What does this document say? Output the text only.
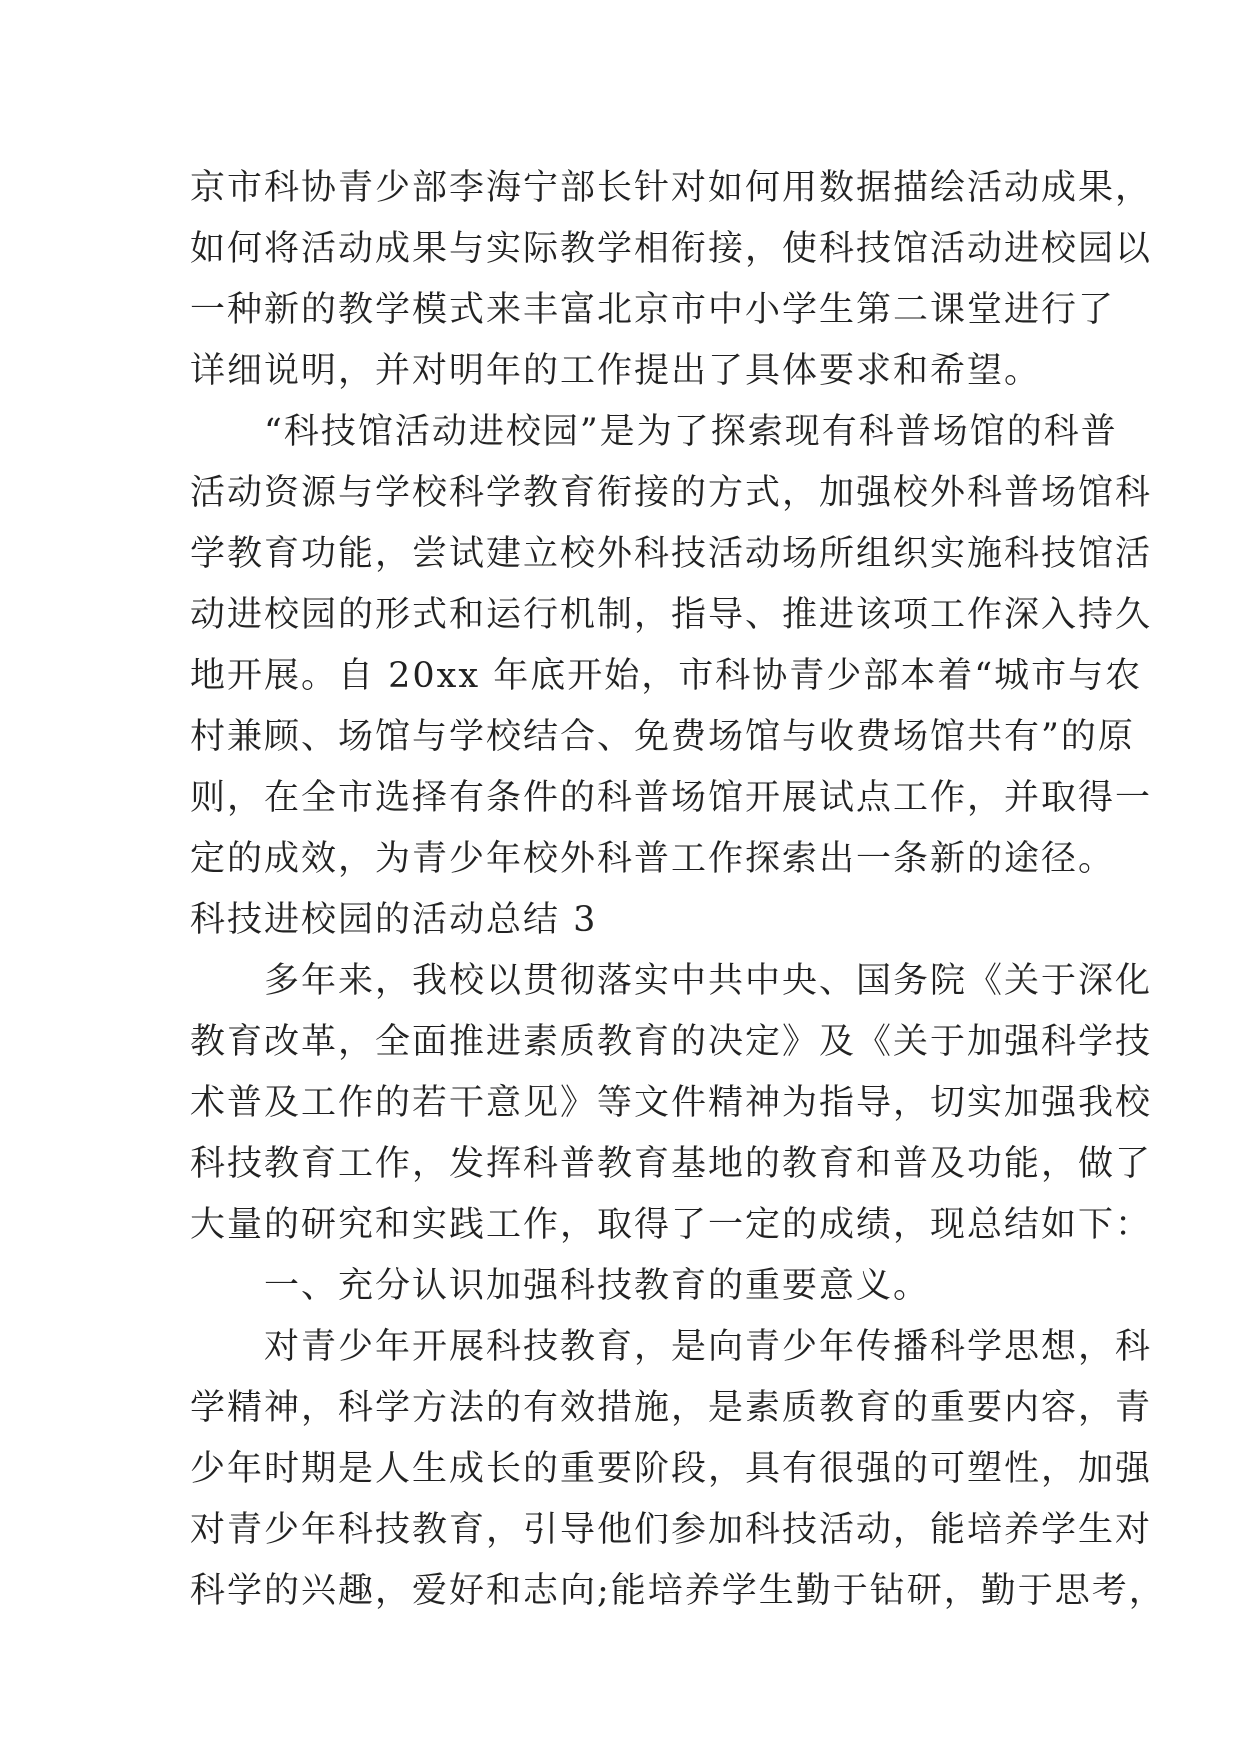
京市科协青少部李海宁部长针对如何用数据描绘活动成果，
如何将活动成果与实际教学相衔接，使科技馆活动进校园以
一种新的教学模式来丰富北京市中小学生第二课堂进行了
详细说明，并对明年的工作提出了具体要求和希望。

“科技馆活动进校园”是为了探索现有科普场馆的科普
活动资源与学校科学教育衔接的方式，加强校外科普场馆科
学教育功能，尝试建立校外科技活动场所组织实施科技馆活
动进校园的形式和运行机制，指导、推进该项工作深入持久
地开展。自 20xx 年底开始，市科协青少部本着“城市与农
村兼顾、场馆与学校结合、免费场馆与收费场馆共有”的原
则，在全市选择有条件的科普场馆开展试点工作，并取得一
定的成效，为青少年校外科普工作探索出一条新的途径。

科技进校园的活动总结 3

多年来，我校以贯彻落实中共中央、国务院《关于深化
教育改革，全面推进素质教育的决定》及《关于加强科学技
术普及工作的若干意见》等文件精神为指导，切实加强我校
科技教育工作，发挥科普教育基地的教育和普及功能，做了
大量的研究和实践工作，取得了一定的成绩，现总结如下：

一、充分认识加强科技教育的重要意义。

对青少年开展科技教育，是向青少年传播科学思想，科
学精神，科学方法的有效措施，是素质教育的重要内容，青
少年时期是人生成长的重要阶段，具有很强的可塑性，加强
对青少年科技教育，引导他们参加科技活动，能培养学生对
科学的兴趣，爱好和志向;能培养学生勤于钻研，勤于思考，
